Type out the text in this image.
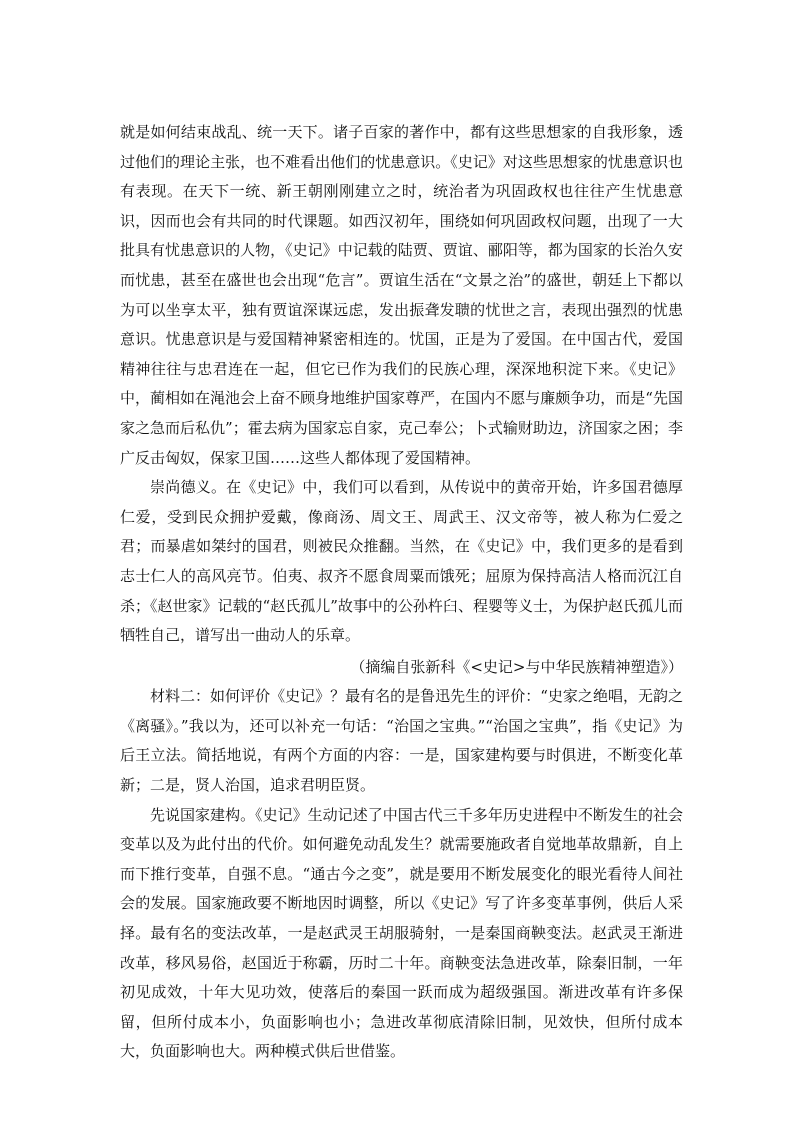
就是如何结束战乱、统一天下。诸子百家的著作中，都有这些思想家的自我形象，透过他们的理论主张，也不难看出他们的忧患意识。《史记》对这些思想家的忧患意识也有表现。在天下一统、新王朝刚刚建立之时，统治者为巩固政权也往往产生忧患意识，因而也会有共同的时代课题。如西汉初年，围绕如何巩固政权问题，出现了一大批具有忧患意识的人物，《史记》中记载的陆贾、贾谊、郦阳等，都为国家的长治久安而忧患，甚至在盛世也会出现“危言”。贾谊生活在“文景之治”的盛世，朝廷上下都以为可以坐享太平，独有贾谊深谋远虑，发出振聋发聩的忧世之言，表现出强烈的忧患意识。忧患意识是与爱国精神紧密相连的。忧国，正是为了爱国。在中国古代，爱国精神往往与忠君连在一起，但它已作为我们的民族心理，深深地积淀下来。《史记》中，蔺相如在渑池会上奋不顾身地维护国家尊严，在国内不愿与廉颇争功，而是“先国家之急而后私仇”；霍去病为国家忘自家，克己奉公；卜式输财助边，济国家之困；李广反击匈奴，保家卫国……这些人都体现了爱国精神。

崇尚德义。在《史记》中，我们可以看到，从传说中的黄帝开始，许多国君德厚仁爱，受到民众拥护爱戴，像商汤、周文王、周武王、汉文帝等，被人称为仁爱之君；而暴虐如桀纣的国君，则被民众推翻。当然，在《史记》中，我们更多的是看到志士仁人的高风亮节。伯夷、叔齐不愿食周粟而饿死；屈原为保持高洁人格而沉江自杀；《赵世家》记载的“赵氏孤儿”故事中的公孙杵臼、程婴等义士，为保护赵氏孤儿而牺牲自己，谱写出一曲动人的乐章。

（摘编自张新科《<史记>与中华民族精神塑造》）

材料二：如何评价《史记》？最有名的是鲁迅先生的评价：“史家之绝唱，无韵之《离骚》。”我以为，还可以补充一句话：“治国之宝典。”“治国之宝典”，指《史记》为后王立法。简括地说，有两个方面的内容：一是，国家建构要与时俱进，不断变化革新；二是，贤人治国，追求君明臣贤。

先说国家建构。《史记》生动记述了中国古代三千多年历史进程中不断发生的社会变革以及为此付出的代价。如何避免动乱发生？就需要施政者自觉地革故鼎新，自上而下推行变革，自强不息。“通古今之变”，就是要用不断发展变化的眼光看待人间社会的发展。国家施政要不断地因时调整，所以《史记》写了许多变革事例，供后人采择。最有名的变法改革，一是赵武灵王胡服骑射，一是秦国商鞅变法。赵武灵王渐进改革，移风易俗，赵国近于称霸，历时二十年。商鞅变法急进改革，除秦旧制，一年初见成效，十年大见功效，使落后的秦国一跃而成为超级强国。渐进改革有许多保留，但所付成本小，负面影响也小；急进改革彻底清除旧制，见效快，但所付成本大，负面影响也大。两种模式供后世借鉴。
